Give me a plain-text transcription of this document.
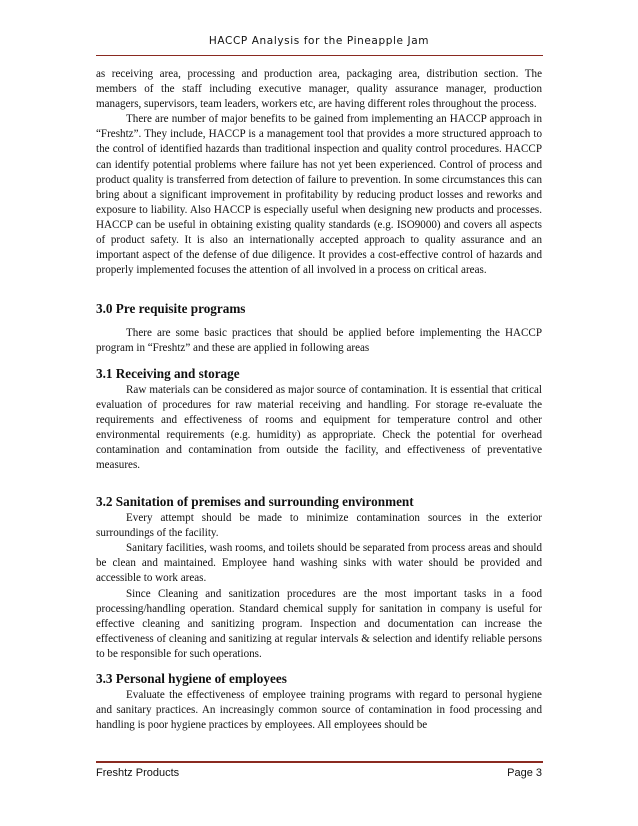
HACCP Analysis for the Pineapple Jam

as receiving area, processing and production area, packaging area, distribution section. The members of the staff including executive manager, quality assurance manager, production managers, supervisors, team leaders, workers etc, are having different roles throughout the process.

There are number of major benefits to be gained from implementing an HACCP approach in “Freshtz”. They include, HACCP is a management tool that provides a more structured approach to the control of identified hazards than traditional inspection and quality control procedures. HACCP can identify potential problems where failure has not yet been experienced. Control of process and product quality is transferred from detection of failure to prevention. In some circumstances this can bring about a significant improvement in profitability by reducing product losses and reworks and exposure to liability. Also HACCP is especially useful when designing new products and processes. HACCP can be useful in obtaining existing quality standards (e.g. ISO9000) and covers all aspects of product safety. It is also an internationally accepted approach to quality assurance and an important aspect of the defense of due diligence. It provides a cost-effective control of hazards and properly implemented focuses the attention of all involved in a process on critical areas.

3.0 Pre requisite programs

There are some basic practices that should be applied before implementing the HACCP program in “Freshtz” and these are applied in following areas

3.1 Receiving and storage

Raw materials can be considered as major source of contamination. It is essential that critical evaluation of procedures for raw material receiving and handling. For storage re-evaluate the requirements and effectiveness of rooms and equipment for temperature control and other environmental requirements (e.g. humidity) as appropriate. Check the potential for overhead contamination and contamination from outside the facility, and effectiveness of preventative measures.

3.2 Sanitation of premises and surrounding environment

Every attempt should be made to minimize contamination sources in the exterior surroundings of the facility.

Sanitary facilities, wash rooms, and toilets should be separated from process areas and should be clean and maintained. Employee hand washing sinks with water should be provided and accessible to work areas.

Since Cleaning and sanitization procedures are the most important tasks in a food processing/handling operation. Standard chemical supply for sanitation in company is useful for effective cleaning and sanitizing program. Inspection and documentation can increase the effectiveness of cleaning and sanitizing at regular intervals & selection and identify reliable persons to be responsible for such operations.

3.3 Personal hygiene of employees

Evaluate the effectiveness of employee training programs with regard to personal hygiene and sanitary practices. An increasingly common source of contamination in food processing and handling is poor hygiene practices by employees. All employees should be

Freshtz Products	Page 3
